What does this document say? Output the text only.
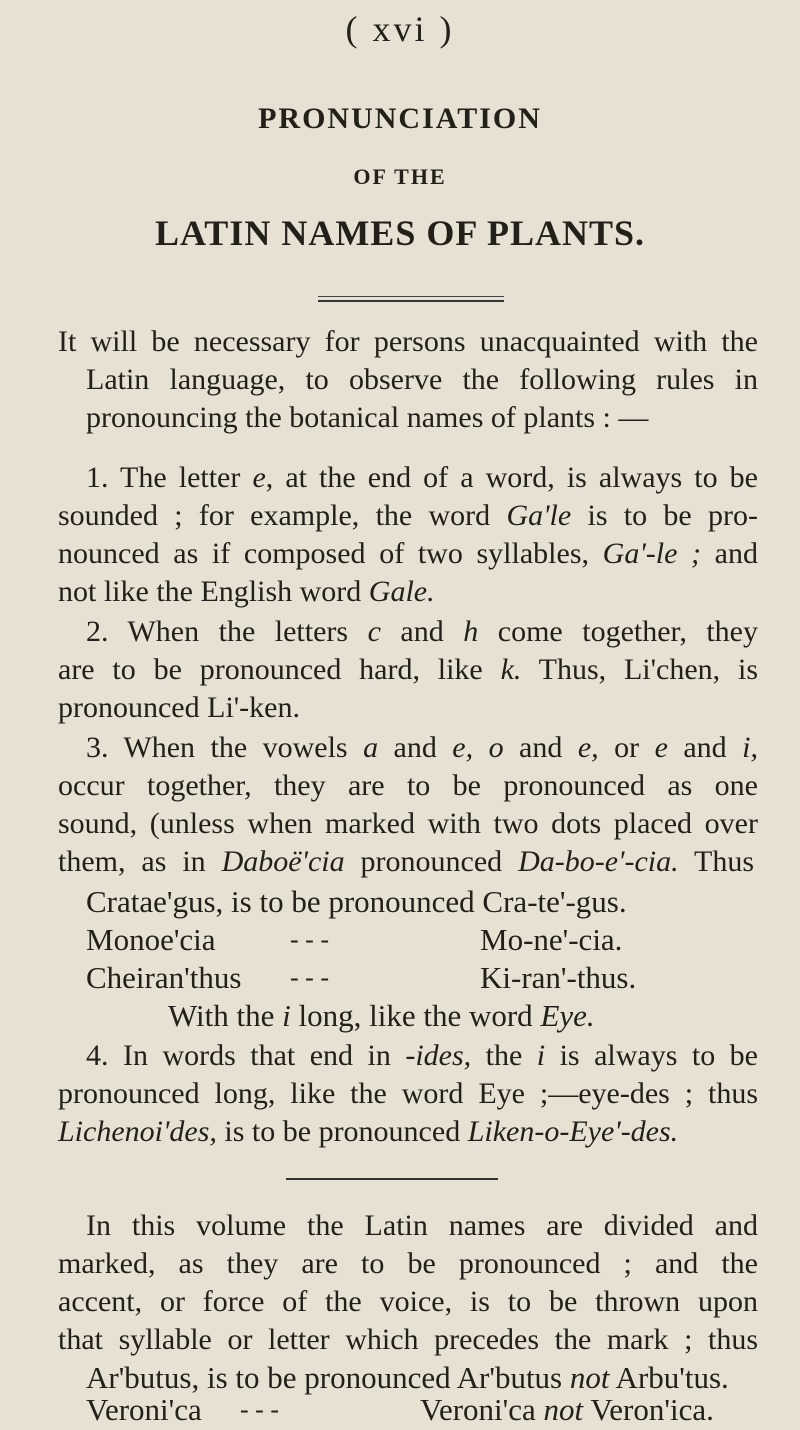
( xvi )
PRONUNCIATION
OF THE
LATIN NAMES OF PLANTS.
It will be necessary for persons unacquainted with the
Latin language, to observe the following rules in
pronouncing the botanical names of plants : —
1. The letter e, at the end of a word, is always to be
sounded ; for example, the word Ga'le is to be pro-
nounced as if composed of two syllables, Ga'-le ; and
not like the English word Gale.
2. When the letters c and h come together, they
are to be pronounced hard, like k. Thus, Li'chen, is
pronounced Li'-ken.
3. When the vowels a and e, o and e, or e and i,
occur together, they are to be pronounced as one
sound, (unless when marked with two dots placed over
them, as in Daboë'cia pronounced Da-bo-e'-cia. Thus
Cratae'gus, is to be pronounced Cra-te'-gus.
Monoe'cia	- - -	Mo-ne'-cia.
Cheiran'thus - - -	Ki-ran'-thus.
With the i long, like the word Eye.
4. In words that end in -ides, the i is always to be
pronounced long, like the word Eye ;—eye-des ; thus
Lichenoi'des, is to be pronounced Liken-o-Eye'-des.
In this volume the Latin names are divided and
marked, as they are to be pronounced ; and the
accent, or force of the voice, is to be thrown upon
that syllable or letter which precedes the mark ; thus
Ar'butus, is to be pronounced Ar'butus not Arbu'tus.
Veroni'ca - - -	Veroni'ca not Veron'ica.
